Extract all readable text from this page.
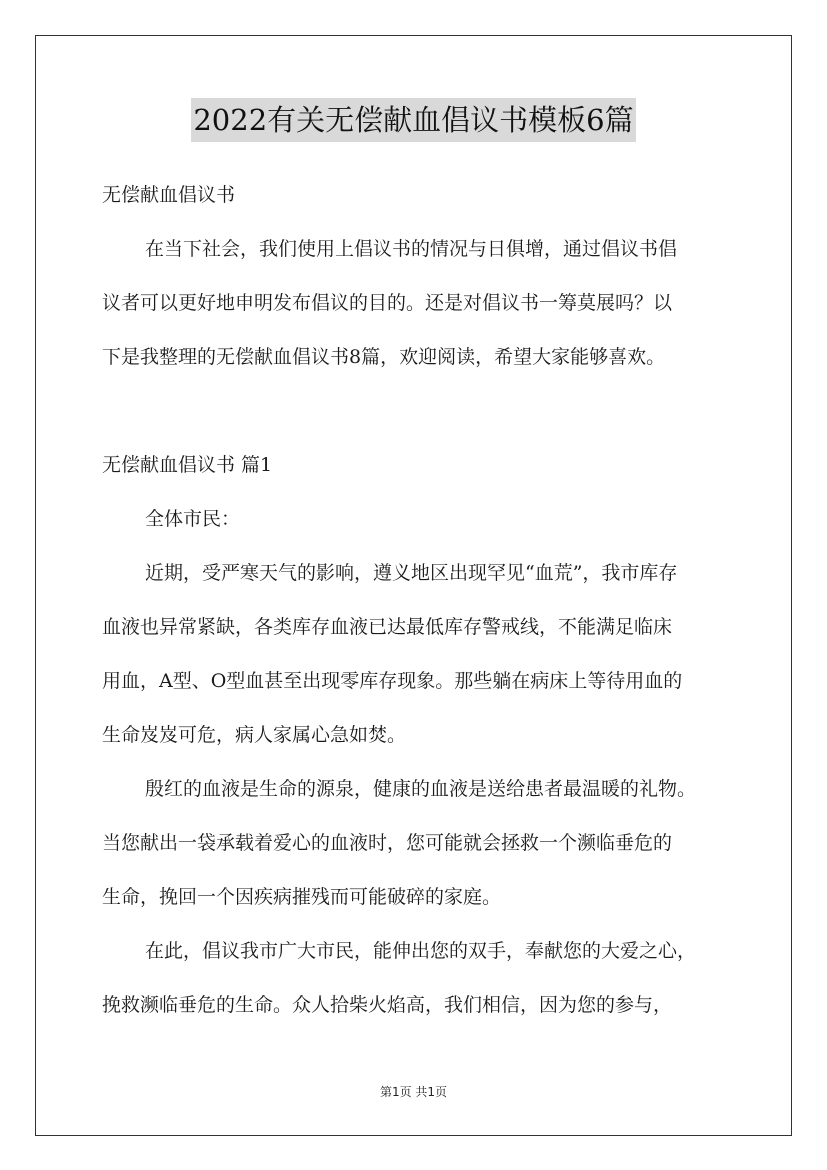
2022有关无偿献血倡议书模板6篇
无偿献血倡议书
在当下社会，我们使用上倡议书的情况与日俱增，通过倡议书倡
议者可以更好地申明发布倡议的目的。还是对倡议书一筹莫展吗？以
下是我整理的无偿献血倡议书8篇，欢迎阅读，希望大家能够喜欢。
无偿献血倡议书 篇1
全体市民：
近期，受严寒天气的影响，遵义地区出现罕见“血荒”，我市库存
血液也异常紧缺，各类库存血液已达最低库存警戒线，不能满足临床
用血，A型、O型血甚至出现零库存现象。那些躺在病床上等待用血的
生命岌岌可危，病人家属心急如焚。
殷红的血液是生命的源泉，健康的血液是送给患者最温暖的礼物。
当您献出一袋承载着爱心的血液时，您可能就会拯救一个濒临垂危的
生命，挽回一个因疾病摧残而可能破碎的家庭。
在此，倡议我市广大市民，能伸出您的双手，奉献您的大爱之心，
挽救濒临垂危的生命。众人拾柴火焰高，我们相信，因为您的参与，
第1页 共1页
